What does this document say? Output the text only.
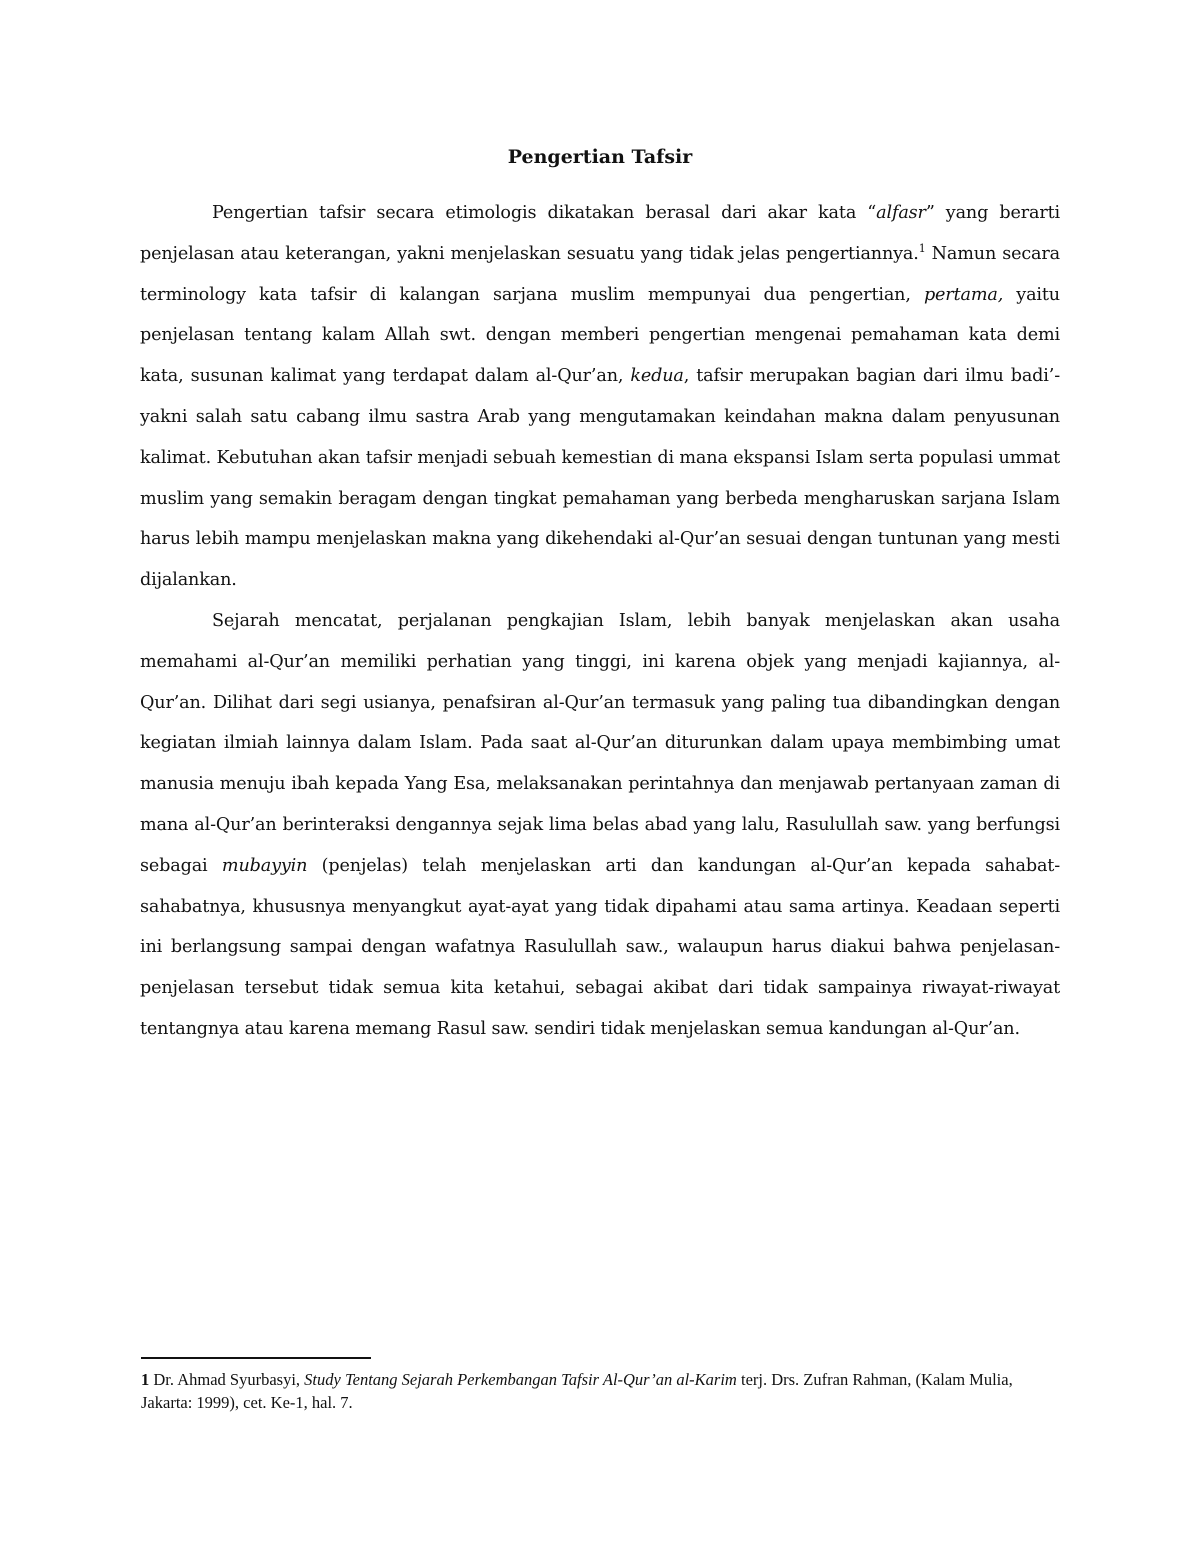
Pengertian Tafsir

Pengertian tafsir secara etimologis dikatakan berasal dari akar kata “alfasr” yang berarti penjelasan atau keterangan, yakni menjelaskan sesuatu yang tidak jelas pengertiannya.$^1$ Namun secara terminology kata tafsir di kalangan sarjana muslim mempunyai dua pengertian, pertama, yaitu penjelasan tentang kalam Allah swt. dengan memberi pengertian mengenai pemahaman kata demi kata, susunan kalimat yang terdapat dalam al-Qur’an, kedua, tafsir merupakan bagian dari ilmu badi’-yakni salah satu cabang ilmu sastra Arab yang mengutamakan keindahan makna dalam penyusunan kalimat. Kebutuhan akan tafsir menjadi sebuah kemestian di mana ekspansi Islam serta populasi ummat muslim yang semakin beragam dengan tingkat pemahaman yang berbeda mengharuskan sarjana Islam harus lebih mampu menjelaskan makna yang dikehendaki al-Qur’an sesuai dengan tuntunan yang mesti dijalankan.

Sejarah mencatat, perjalanan pengkajian Islam, lebih banyak menjelaskan akan usaha memahami al-Qur’an memiliki perhatian yang tinggi, ini karena objek yang menjadi kajiannya, al-Qur’an. Dilihat dari segi usianya, penafsiran al-Qur’an termasuk yang paling tua dibandingkan dengan kegiatan ilmiah lainnya dalam Islam. Pada saat al-Qur’an diturunkan dalam upaya membimbing umat manusia menuju ibah kepada Yang Esa, melaksanakan perintahnya dan menjawab pertanyaan zaman di mana al-Qur’an berinteraksi dengannya sejak lima belas abad yang lalu, Rasulullah saw. yang berfungsi sebagai mubayyin (penjelas) telah menjelaskan arti dan kandungan al-Qur’an kepada sahabat-sahabatnya, khususnya menyangkut ayat-ayat yang tidak dipahami atau sama artinya. Keadaan seperti ini berlangsung sampai dengan wafatnya Rasulullah saw., walaupun harus diakui bahwa penjelasan-penjelasan tersebut tidak semua kita ketahui, sebagai akibat dari tidak sampainya riwayat-riwayat tentangnya atau karena memang Rasul saw. sendiri tidak menjelaskan semua kandungan al-Qur’an.

1 Dr. Ahmad Syurbasyi, Study Tentang Sejarah Perkembangan Tafsir Al-Qur’an al-Karim terj. Drs. Zufran Rahman, (Kalam Mulia, Jakarta: 1999), cet. Ke-1, hal. 7.
